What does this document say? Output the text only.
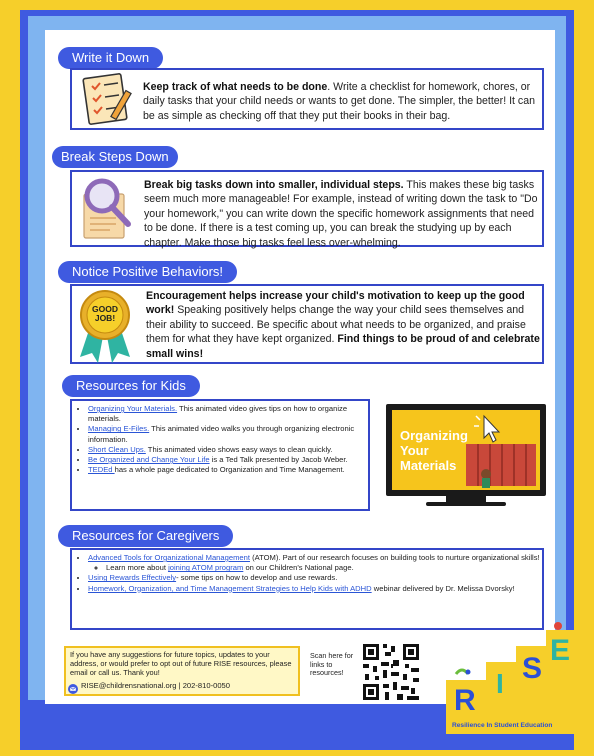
Write it Down
Keep track of what needs to be done. Write a checklist for homework, chores, or daily tasks that your child needs or wants to get done. The simpler, the better! It can be as simple as checking off that they put their books in their bag.
Break Steps Down
Break big tasks down into smaller, individual steps. This makes these big tasks seem much more manageable! For example, instead of writing down the task to "Do your homework," you can write down the specific homework assignments that need to be done. If there is a test coming up, you can break the studying up by each chapter. Make those big tasks feel less over-whelming.
Notice Positive Behaviors!
GOOD JOB!
Encouragement helps increase your child's motivation to keep up the good work! Speaking positively helps change the way your child sees themselves and their ability to succeed. Be specific about what needs to be organized, and praise them for what they have kept organized. Find things to be proud of and celebrate small wins!
Resources for Kids
• Organizing Your Materials. This animated video gives tips on how to organize materials.
• Managing E-Files. This animated video walks you through organizing electronic information.
• Short Clean Ups. This animated video shows easy ways to clean quickly.
• Be Organized and Change Your Life is a Ted Talk presented by Jacob Weber.
• TEDEd has a whole page dedicated to Organization and Time Management.
Organizing
Your
Materials
Resources for Caregivers
• Advanced Tools for Organizational Management (ATOM). Part of our research focuses on building tools to nurture organizational skills!
◦ Learn more about joining ATOM program on our Children's National page.
• Using Rewards Effectively- some tips on how to develop and use rewards.
• Homework, Organization, and Time Management Strategies to Help Kids with ADHD webinar delivered by Dr. Melissa Dvorsky!
If you have any suggestions for future topics, updates to your address, or would prefer to opt out of future RISE resources, please email or call us. Thank you!
RISE@childrensnational.org | 202-810-0050
Scan here for links to resources!
R
I S
E
Resilience In Student Education
